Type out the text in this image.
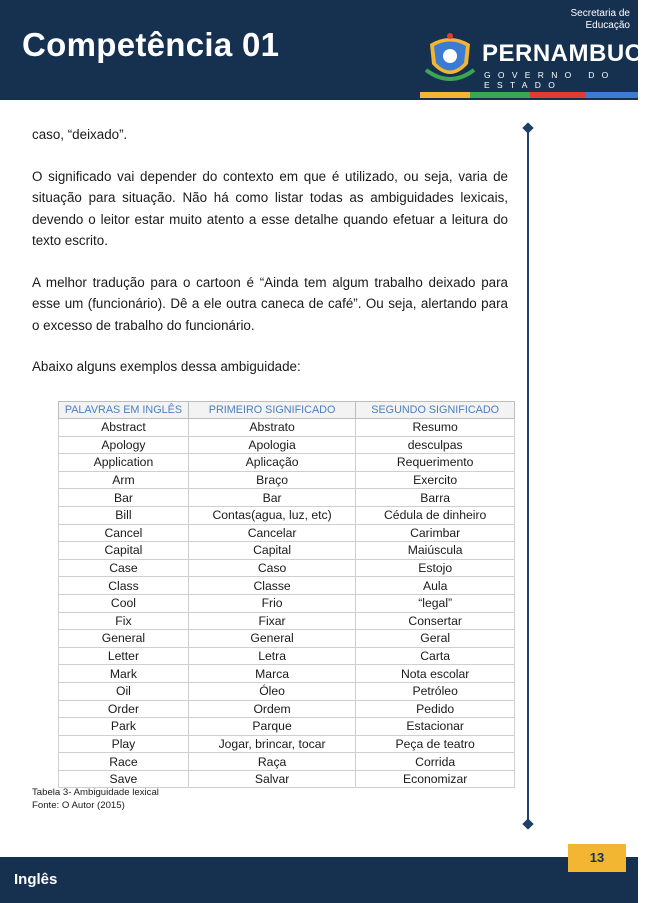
Competência 01
Secretaria de
Educação
PERNAMBUCO
GOVERNO DO ESTADO

caso, “deixado”.

O significado vai depender do contexto em que é utilizado, ou seja, varia de situação para situação. Não há como listar todas as ambiguidades lexicais, devendo o leitor estar muito atento a esse detalhe quando efetuar a leitura do texto escrito.

A melhor tradução para o cartoon é “Ainda tem algum trabalho deixado para esse um (funcionário). Dê a ele outra caneca de café”. Ou seja, alertando para o excesso de trabalho do funcionário.

Abaixo alguns exemplos dessa ambiguidade:

PALAVRAS EM INGLÊS	PRIMEIRO SIGNIFICADO	SEGUNDO SIGNIFICADO
Abstract	Abstrato	Resumo
Apology	Apologia	desculpas
Application	Aplicação	Requerimento
Arm	Braço	Exercito
Bar	Bar	Barra
Bill	Contas(agua, luz, etc)	Cédula de dinheiro
Cancel	Cancelar	Carimbar
Capital	Capital	Maiúscula
Case	Caso	Estojo
Class	Classe	Aula
Cool	Frio	“legal”
Fix	Fixar	Consertar
General	General	Geral
Letter	Letra	Carta
Mark	Marca	Nota escolar
Oil	Óleo	Petróleo
Order	Ordem	Pedido
Park	Parque	Estacionar
Play	Jogar, brincar, tocar	Peça de teatro
Race	Raça	Corrida
Save	Salvar	Economizar
Tabela 3- Ambiguidade lexical
Fonte: O Autor (2015)
Inglês
13
